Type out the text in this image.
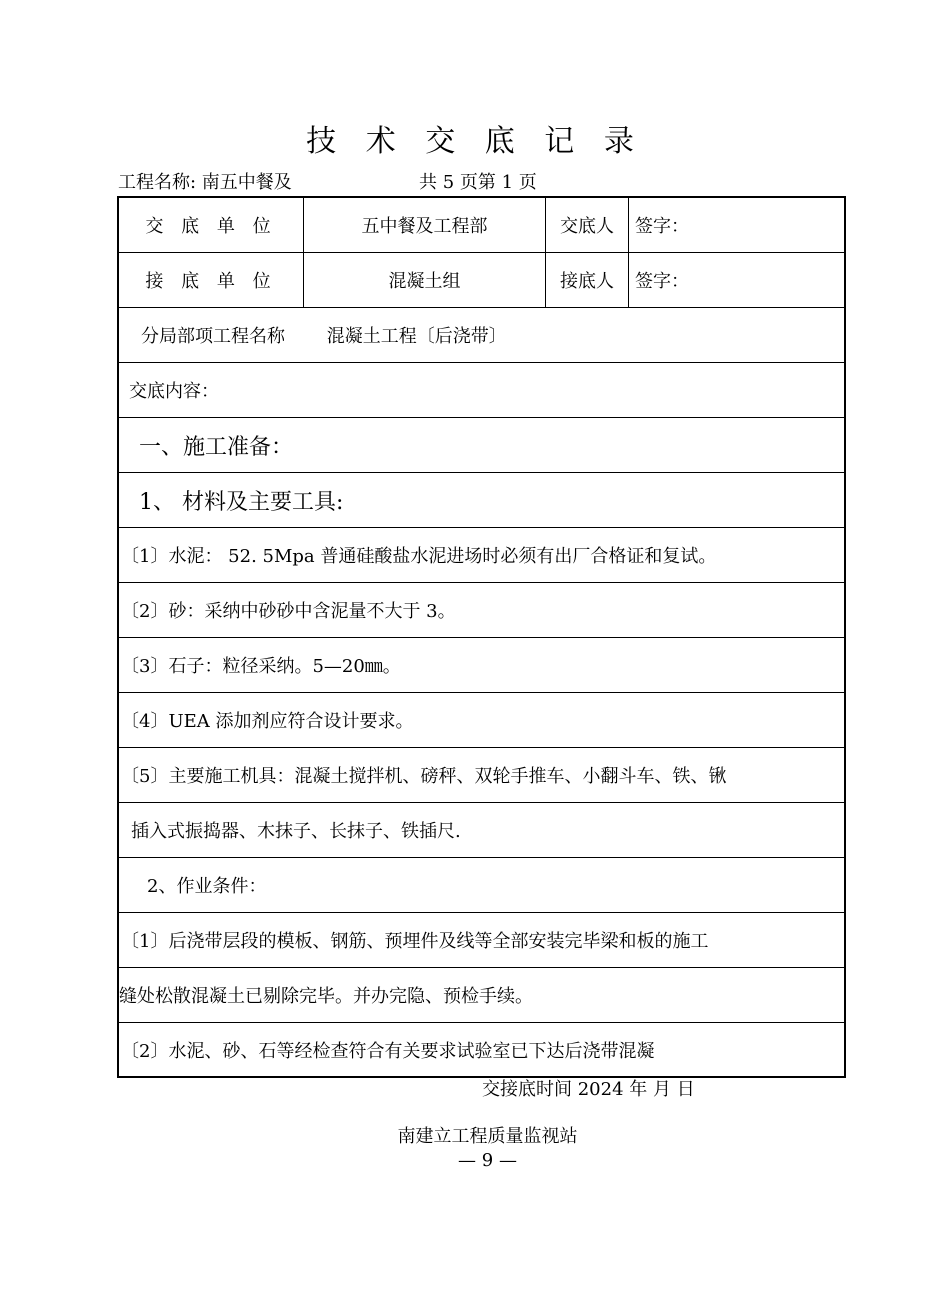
技 术 交 底 记 录
工程名称: 南五中餐及	共 5 页第 1 页
交 底 单 位	五中餐及工程部	交底人	签字：
接 底 单 位	混凝土组	接底人	签字：
分局部项工程名称　　 混凝土工程〔后浇带〕
交底内容：
一、施工准备：
1、 材料及主要工具:
〔1〕水泥： 52. 5Mpa 普通硅酸盐水泥进场时必须有出厂合格证和复试。
〔2〕砂：采纳中砂砂中含泥量不大于 3。
〔3〕石子：粒径采纳。5—20㎜。
〔4〕UEA 添加剂应符合设计要求。
〔5〕主要施工机具：混凝土搅拌机、磅秤、双轮手推车、小翻斗车、铁、锹
插入式振捣器、木抹子、长抹子、铁插尺.
2、作业条件：
〔1〕后浇带层段的模板、钢筋、预埋件及线等全部安装完毕梁和板的施工
缝处松散混凝土已剔除完毕。并办完隐、预检手续。
〔2〕水泥、砂、石等经检查符合有关要求试验室已下达后浇带混凝
交接底时间 2024 年 月 日
南建立工程质量监视站
— 9 —
